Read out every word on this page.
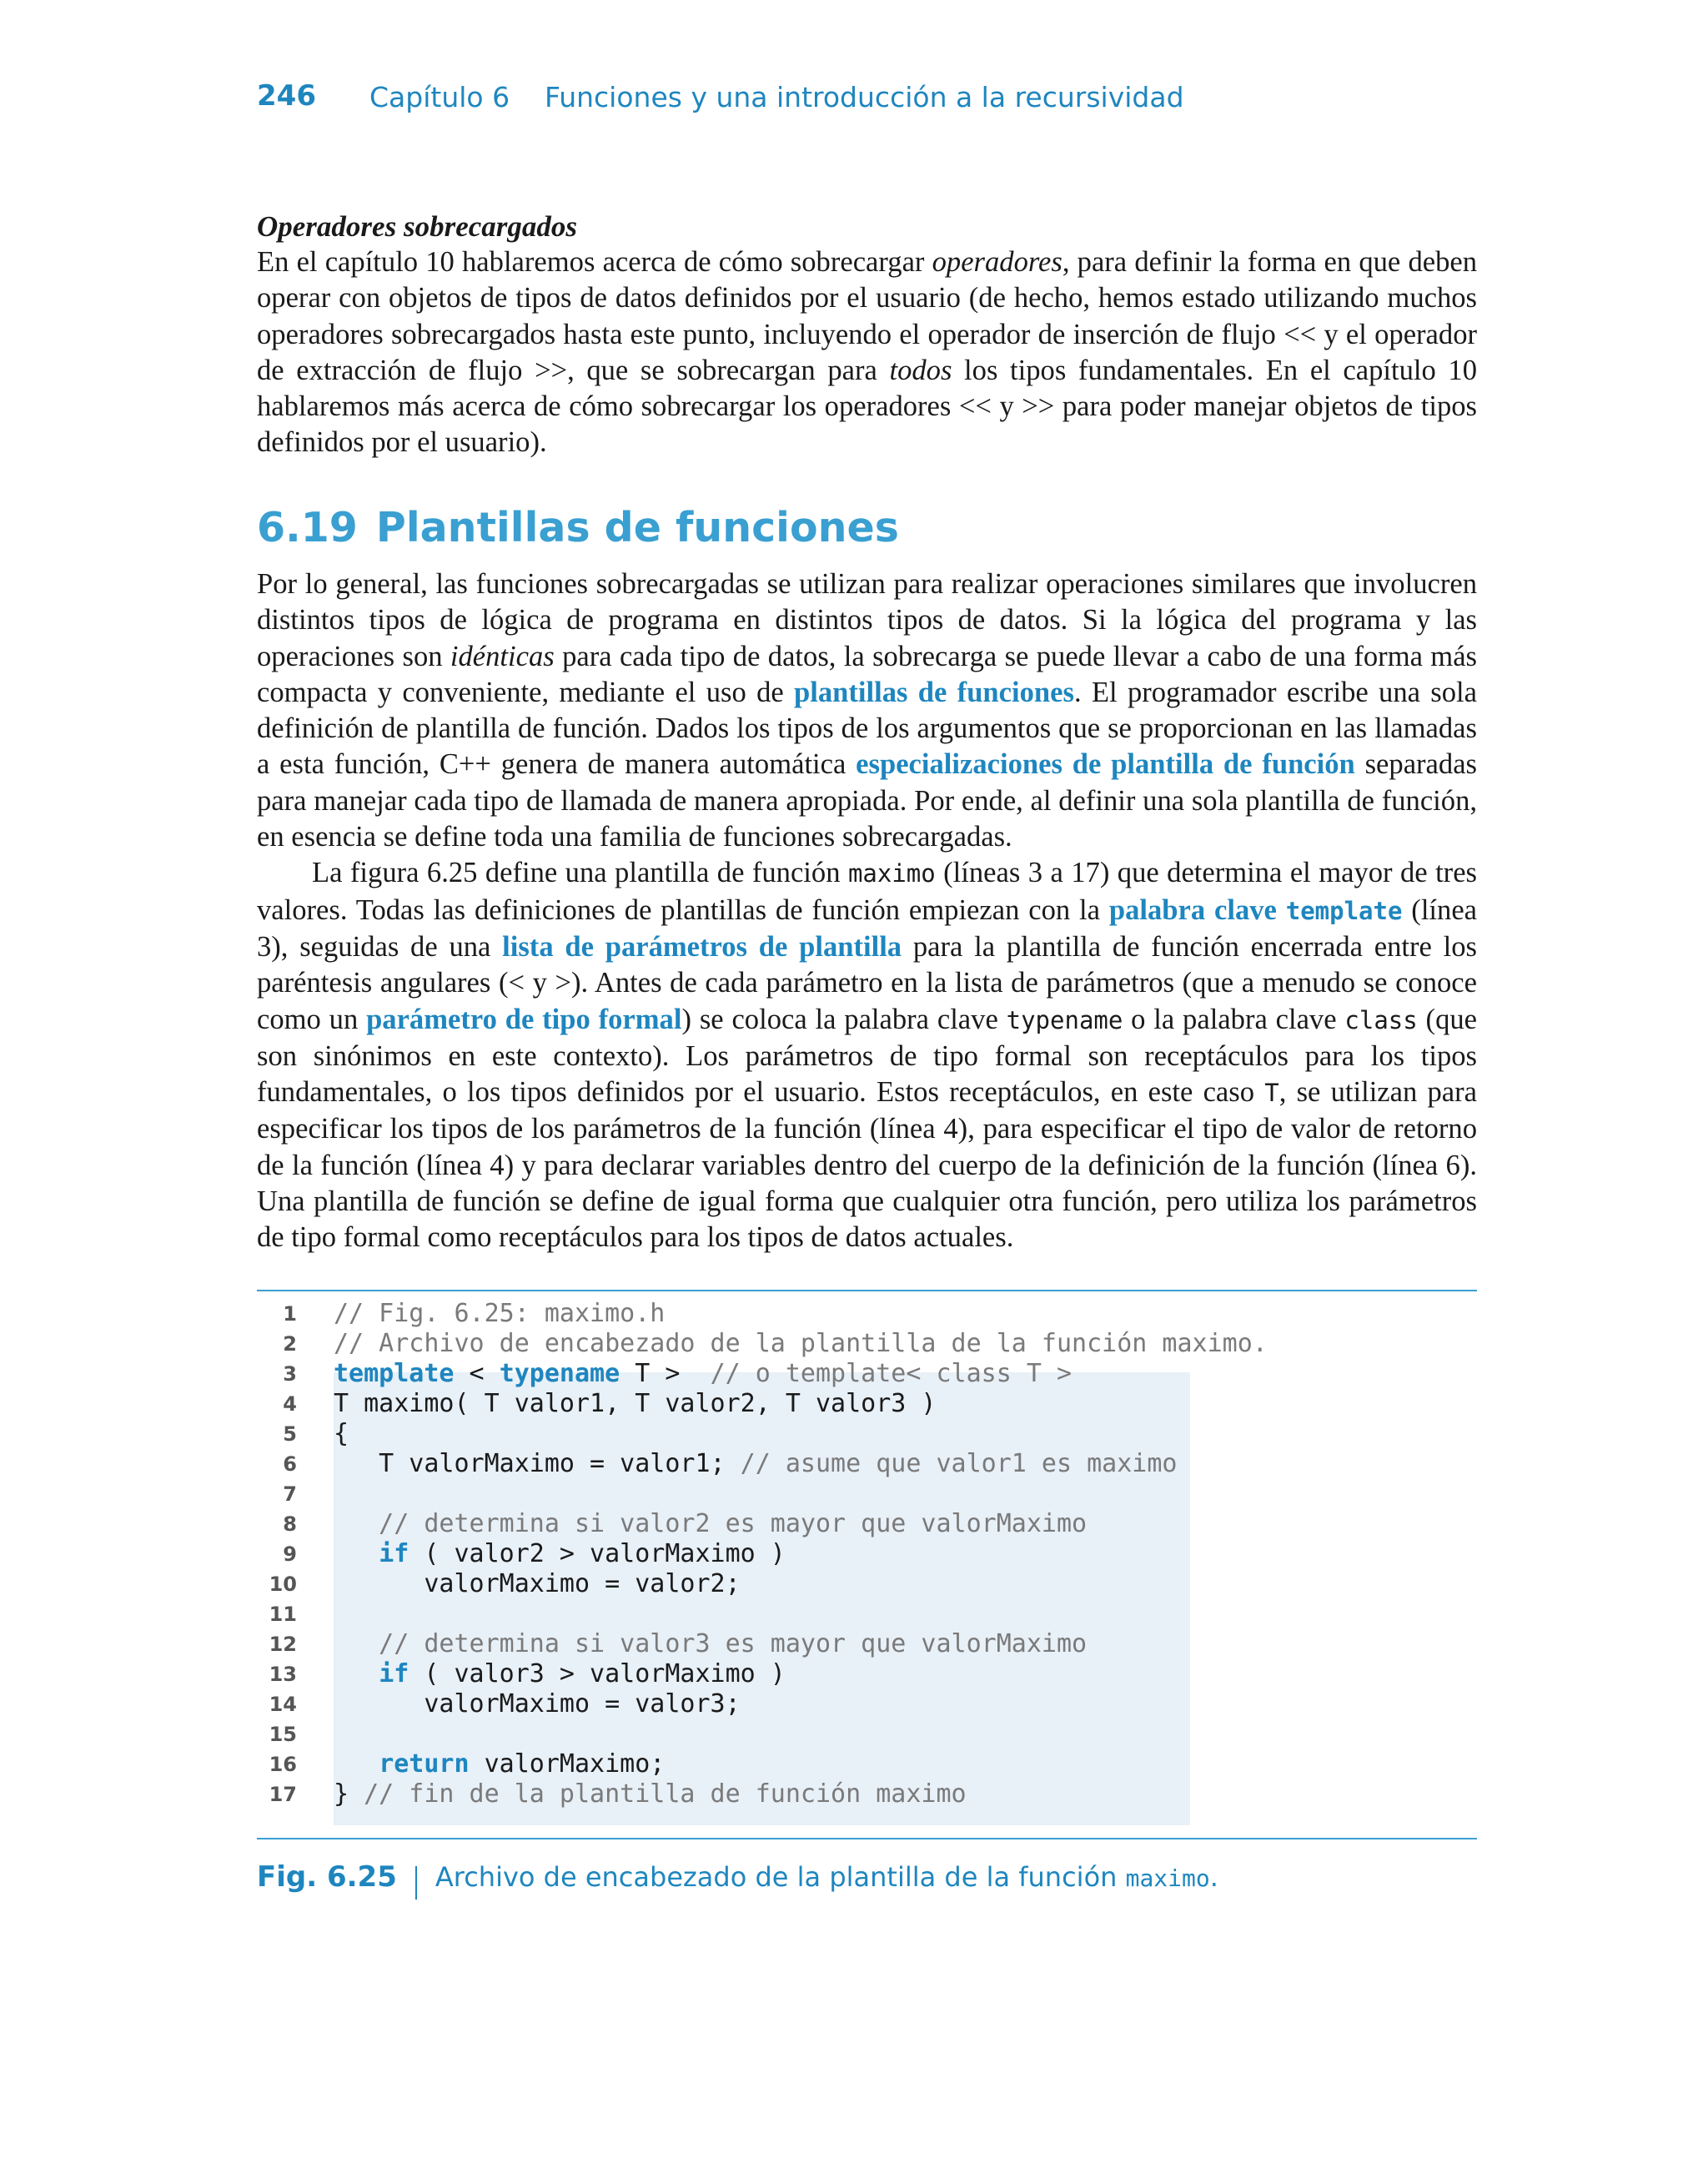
246 Capítulo 6    Funciones y una introducción a la recursividad

Operadores sobrecargados

En el capítulo 10 hablaremos acerca de cómo sobrecargar operadores, para definir la forma en que deben operar con objetos de tipos de datos definidos por el usuario (de hecho, hemos estado utilizando muchos operadores sobrecargados hasta este punto, incluyendo el operador de inserción de flujo << y el operador de extracción de flujo >>, que se sobrecargan para todos los tipos fundamentales. En el capítulo 10 hablaremos más acerca de cómo sobrecargar los operadores << y >> para poder manejar objetos de tipos definidos por el usuario).

6.19 Plantillas de funciones

Por lo general, las funciones sobrecargadas se utilizan para realizar operaciones similares que involucren distintos tipos de lógica de programa en distintos tipos de datos. Si la lógica del programa y las operaciones son idénticas para cada tipo de datos, la sobrecarga se puede llevar a cabo de una forma más compacta y conveniente, mediante el uso de plantillas de funciones. El programador escribe una sola definición de plantilla de función. Dados los tipos de los argumentos que se proporcionan en las llamadas a esta función, C++ genera de manera automática especializaciones de plantilla de función separadas para manejar cada tipo de llamada de manera apropiada. Por ende, al definir una sola plantilla de función, en esencia se define toda una familia de funciones sobrecargadas.

La figura 6.25 define una plantilla de función maximo (líneas 3 a 17) que determina el mayor de tres valores. Todas las definiciones de plantillas de función empiezan con la palabra clave template (línea 3), seguidas de una lista de parámetros de plantilla para la plantilla de función encerrada entre los paréntesis angulares (< y >). Antes de cada parámetro en la lista de parámetros (que a menudo se conoce como un parámetro de tipo formal) se coloca la palabra clave typename o la palabra clave class (que son sinónimos en este contexto). Los parámetros de tipo formal son receptáculos para los tipos fundamentales, o los tipos definidos por el usuario. Estos receptáculos, en este caso T, se utilizan para especificar los tipos de los parámetros de la función (línea 4), para especificar el tipo de valor de retorno de la función (línea 4) y para declarar variables dentro del cuerpo de la definición de la función (línea 6). Una plantilla de función se define de igual forma que cualquier otra función, pero utiliza los parámetros de tipo formal como receptáculos para los tipos de datos actuales.

1 // Fig. 6.25: maximo.h
2 // Archivo de encabezado de la plantilla de la función maximo.
3 template < typename T >  // o template< class T >
4 T maximo( T valor1, T valor2, T valor3 )
5 {
6 T valorMaximo = valor1; // asume que valor1 es maximo
7
8 // determina si valor2 es mayor que valorMaximo
9	if ( valor2 > valorMaximo )
10 valorMaximo = valor2;
11
12 // determina si valor3 es mayor que valorMaximo
13	if ( valor3 > valorMaximo )
14 valorMaximo = valor3;
15
16	return valorMaximo;
17 } // fin de la plantilla de función maximo
Fig. 6.25 Archivo de encabezado de la plantilla de la función maximo.
